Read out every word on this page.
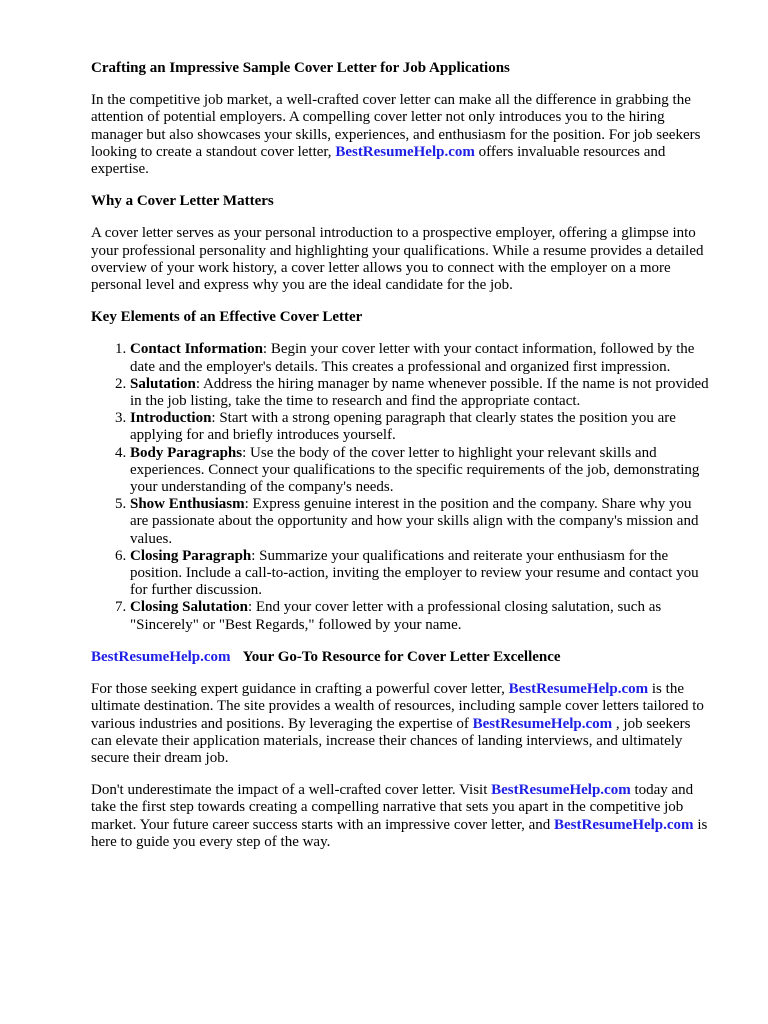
Crafting an Impressive Sample Cover Letter for Job Applications

In the competitive job market, a well-crafted cover letter can make all the difference in grabbing the attention of potential employers. A compelling cover letter not only introduces you to the hiring manager but also showcases your skills, experiences, and enthusiasm for the position. For job seekers looking to create a standout cover letter, BestResumeHelp.com offers invaluable resources and expertise.

Why a Cover Letter Matters

A cover letter serves as your personal introduction to a prospective employer, offering a glimpse into your professional personality and highlighting your qualifications. While a resume provides a detailed overview of your work history, a cover letter allows you to connect with the employer on a more personal level and express why you are the ideal candidate for the job.

Key Elements of an Effective Cover Letter
1. Contact Information: Begin your cover letter with your contact information, followed by the date and the employer's details. This creates a professional and organized first impression.
2. Salutation: Address the hiring manager by name whenever possible. If the name is not provided in the job listing, take the time to research and find the appropriate contact.
3. Introduction: Start with a strong opening paragraph that clearly states the position you are applying for and briefly introduces yourself.
4. Body Paragraphs: Use the body of the cover letter to highlight your relevant skills and experiences. Connect your qualifications to the specific requirements of the job, demonstrating your understanding of the company's needs.
5. Show Enthusiasm: Express genuine interest in the position and the company. Share why you are passionate about the opportunity and how your skills align with the company's mission and values.
6. Closing Paragraph: Summarize your qualifications and reiterate your enthusiasm for the position. Include a call-to-action, inviting the employer to review your resume and contact you for further discussion.
7. Closing Salutation: End your cover letter with a professional closing salutation, such as "Sincerely" or "Best Regards," followed by your name.
BestResumeHelp.com Your Go-To Resource for Cover Letter Excellence

For those seeking expert guidance in crafting a powerful cover letter, BestResumeHelp.com is the ultimate destination. The site provides a wealth of resources, including sample cover letters tailored to various industries and positions. By leveraging the expertise of BestResumeHelp.com , job seekers can elevate their application materials, increase their chances of landing interviews, and ultimately secure their dream job.

Don't underestimate the impact of a well-crafted cover letter. Visit BestResumeHelp.com today and take the first step towards creating a compelling narrative that sets you apart in the competitive job market. Your future career success starts with an impressive cover letter, and BestResumeHelp.com is here to guide you every step of the way.
